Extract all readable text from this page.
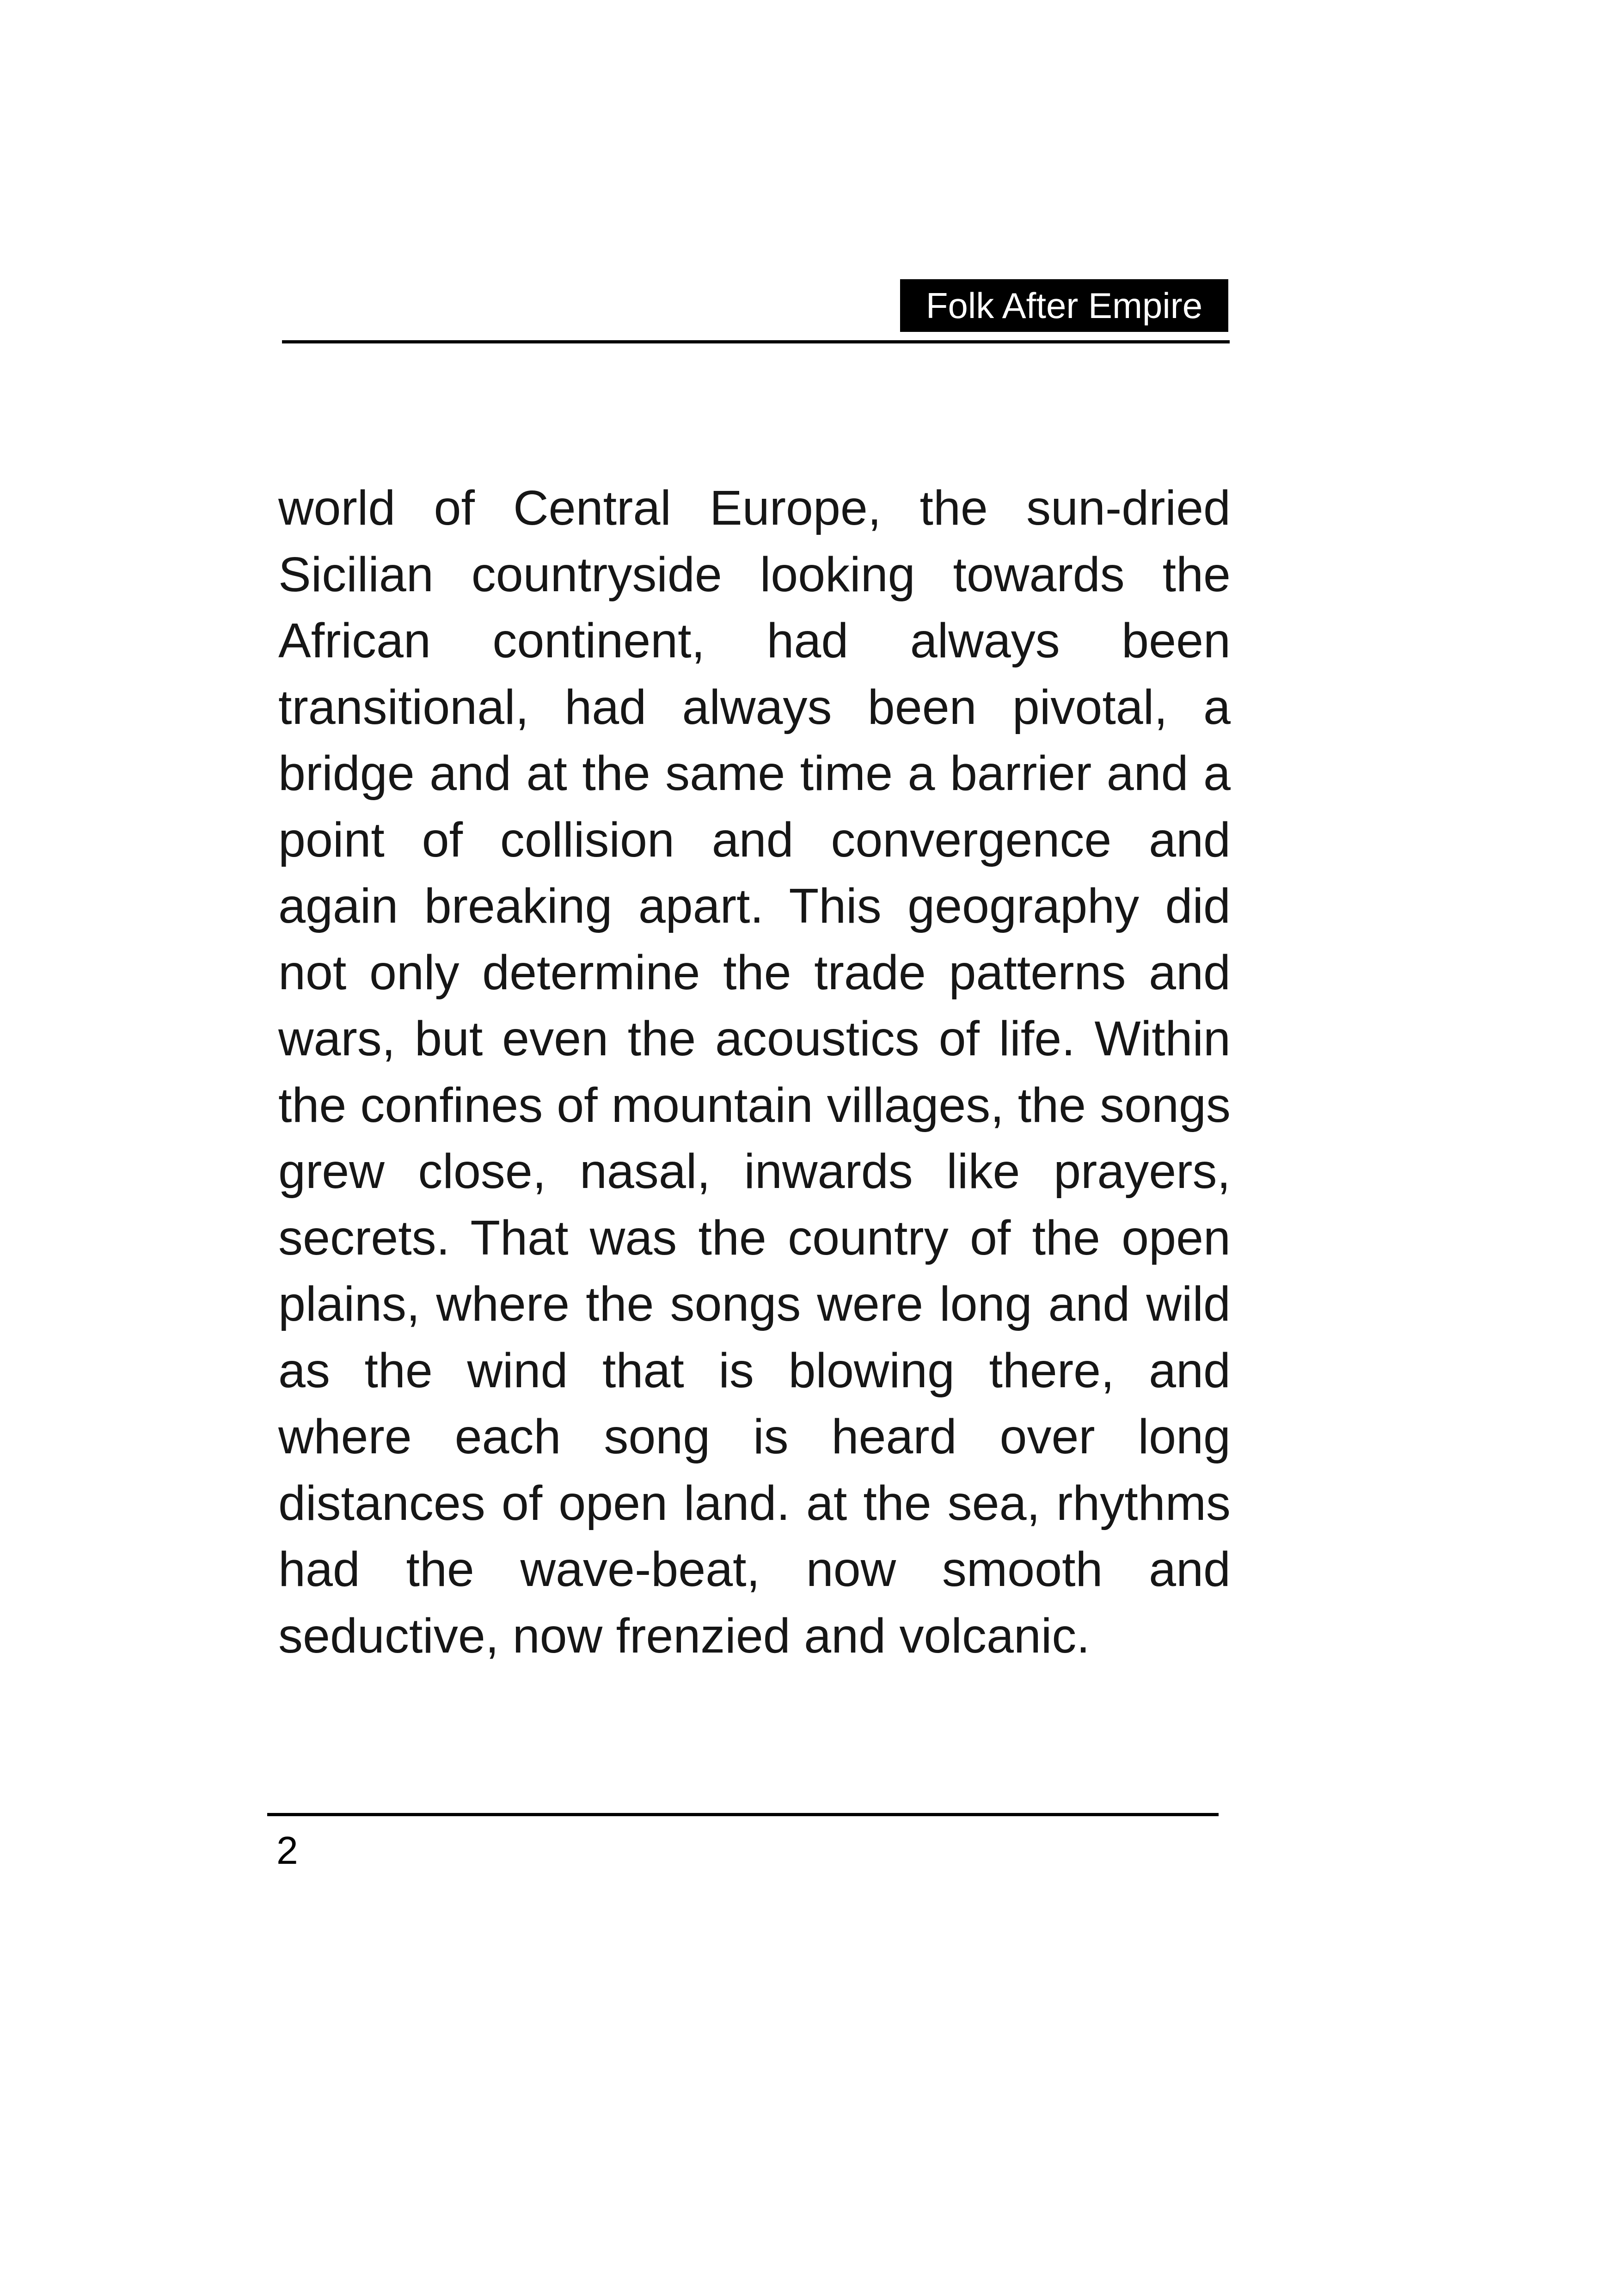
Folk After Empire

world of Central Europe, the sun-dried Sicilian countryside looking towards the African continent, had always been transitional, had always been pivotal, a bridge and at the same time a barrier and a point of collision and convergence and again breaking apart. This geography did not only determine the trade patterns and wars, but even the acoustics of life. Within the confines of mountain villages, the songs grew close, nasal, inwards like prayers, secrets. That was the country of the open plains, where the songs were long and wild as the wind that is blowing there, and where each song is heard over long distances of open land. at the sea, rhythms had the wave-beat, now smooth and seductive, now frenzied and volcanic.

2
